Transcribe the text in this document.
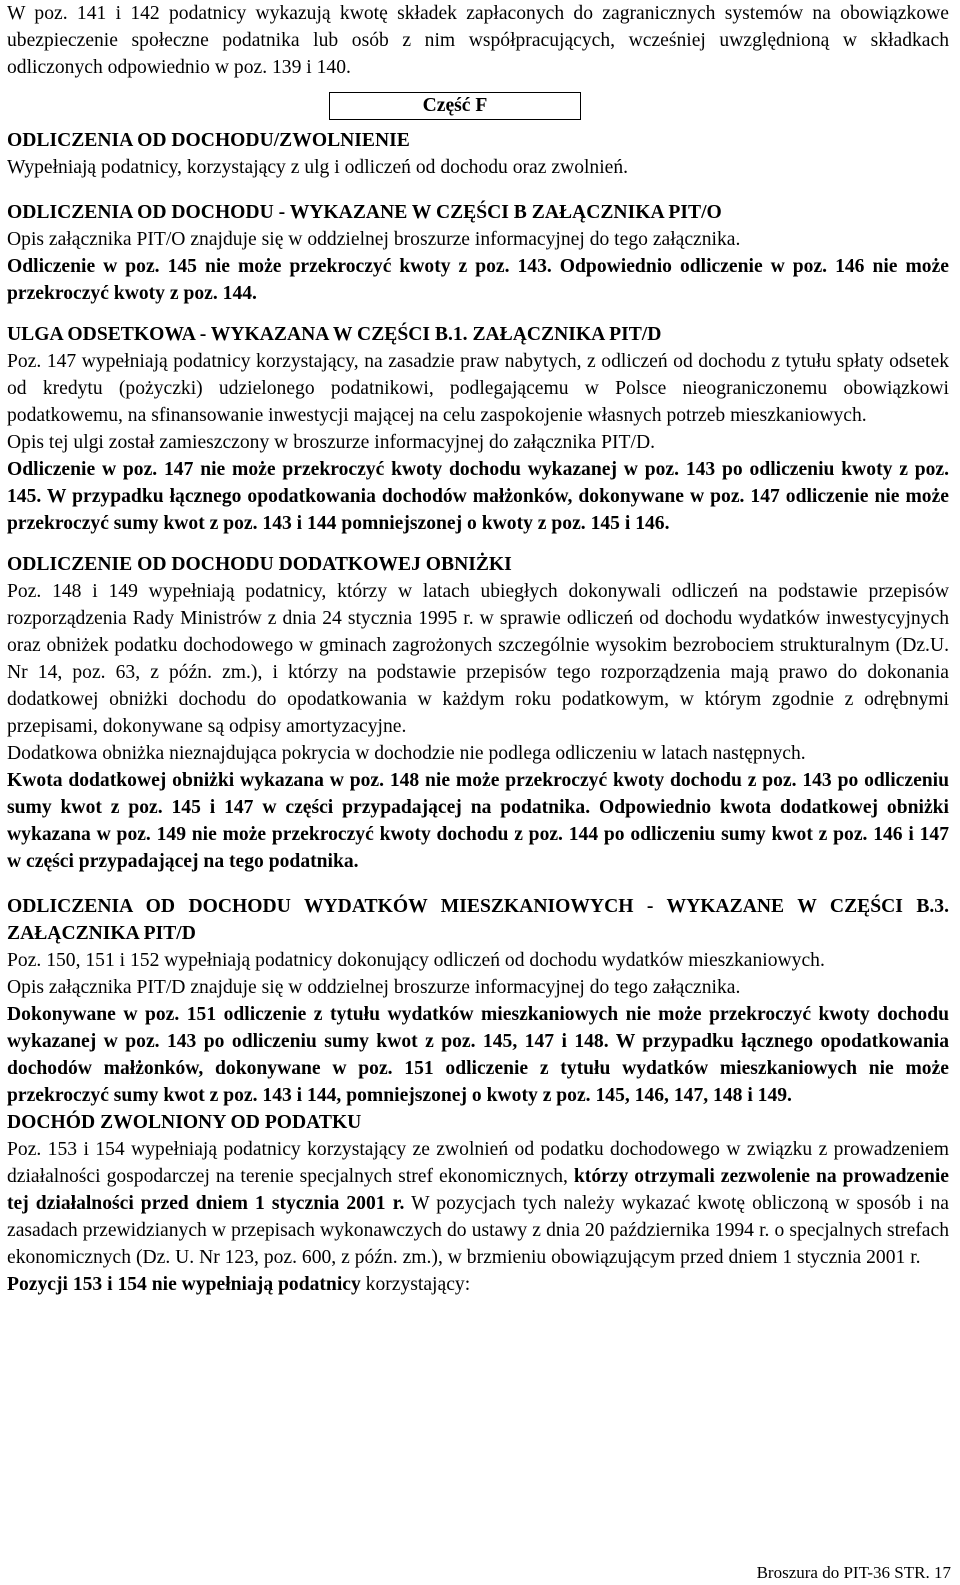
W poz. 141 i 142 podatnicy wykazują kwotę składek zapłaconych do zagranicznych systemów na obowiązkowe ubezpieczenie społeczne podatnika lub osób z nim współpracujących, wcześniej uwzględnioną w składkach odliczonych odpowiednio w poz. 139 i 140.

Część F

ODLICZENIA OD DOCHODU/ZWOLNIENIE

Wypełniają podatnicy, korzystający z ulg i odliczeń od dochodu oraz zwolnień.

ODLICZENIA OD DOCHODU - WYKAZANE W CZĘŚCI B ZAŁĄCZNIKA PIT/O

Opis załącznika PIT/O znajduje się w oddzielnej broszurze informacyjnej do tego załącznika.

Odliczenie w poz. 145 nie może przekroczyć kwoty z poz. 143. Odpowiednio odliczenie w poz. 146 nie może przekroczyć kwoty z poz. 144.

ULGA ODSETKOWA - WYKAZANA W CZĘŚCI B.1. ZAŁĄCZNIKA PIT/D

Poz. 147 wypełniają podatnicy korzystający, na zasadzie praw nabytych, z odliczeń od dochodu z tytułu spłaty odsetek od kredytu (pożyczki) udzielonego podatnikowi, podlegającemu w Polsce nieograniczonemu obowiązkowi podatkowemu, na sfinansowanie inwestycji mającej na celu zaspokojenie własnych potrzeb mieszkaniowych.

Opis tej ulgi został zamieszczony w broszurze informacyjnej do załącznika PIT/D.

Odliczenie w poz. 147 nie może przekroczyć kwoty dochodu wykazanej w poz. 143 po odliczeniu kwoty z poz. 145. W przypadku łącznego opodatkowania dochodów małżonków, dokonywane w poz. 147 odliczenie nie może przekroczyć sumy kwot z poz. 143 i 144 pomniejszonej o kwoty z poz. 145 i 146.

ODLICZENIE OD DOCHODU DODATKOWEJ OBNIŻKI

Poz. 148 i 149 wypełniają podatnicy, którzy w latach ubiegłych dokonywali odliczeń na podstawie przepisów rozporządzenia Rady Ministrów z dnia 24 stycznia 1995 r. w sprawie odliczeń od dochodu wydatków inwestycyjnych oraz obniżek podatku dochodowego w gminach zagrożonych szczególnie wysokim bezrobociem strukturalnym (Dz.U. Nr 14, poz. 63, z późn. zm.), i którzy na podstawie przepisów tego rozporządzenia mają prawo do dokonania dodatkowej obniżki dochodu do opodatkowania w każdym roku podatkowym, w którym zgodnie z odrębnymi przepisami, dokonywane są odpisy amortyzacyjne.

Dodatkowa obniżka nieznajdująca pokrycia w dochodzie nie podlega odliczeniu w latach następnych.

Kwota dodatkowej obniżki wykazana w poz. 148 nie może przekroczyć kwoty dochodu z poz. 143 po odliczeniu sumy kwot z poz. 145 i 147 w części przypadającej na podatnika. Odpowiednio kwota dodatkowej obniżki wykazana w poz. 149 nie może przekroczyć kwoty dochodu z poz. 144 po odliczeniu sumy kwot z poz. 146 i 147 w części przypadającej na tego podatnika.

ODLICZENIA OD DOCHODU WYDATKÓW MIESZKANIOWYCH - WYKAZANE W CZĘŚCI B.3. ZAŁĄCZNIKA PIT/D

Poz. 150, 151 i 152 wypełniają podatnicy dokonujący odliczeń od dochodu wydatków mieszkaniowych.

Opis załącznika PIT/D znajduje się w oddzielnej broszurze informacyjnej do tego załącznika.

Dokonywane w poz. 151 odliczenie z tytułu wydatków mieszkaniowych nie może przekroczyć kwoty dochodu wykazanej w poz. 143 po odliczeniu sumy kwot z poz. 145, 147 i 148. W przypadku łącznego opodatkowania dochodów małżonków, dokonywane w poz. 151 odliczenie z tytułu wydatków mieszkaniowych nie może przekroczyć sumy kwot z poz. 143 i 144, pomniejszonej o kwoty z poz. 145, 146, 147, 148 i 149.

DOCHÓD ZWOLNIONY OD PODATKU

Poz. 153 i 154 wypełniają podatnicy korzystający ze zwolnień od podatku dochodowego w związku z prowadzeniem działalności gospodarczej na terenie specjalnych stref ekonomicznych, którzy otrzymali zezwolenie na prowadzenie tej działalności przed dniem 1 stycznia 2001 r. W pozycjach tych należy wykazać kwotę obliczoną w sposób i na zasadach przewidzianych w przepisach wykonawczych do ustawy z dnia 20 października 1994 r. o specjalnych strefach ekonomicznych (Dz. U. Nr 123, poz. 600, z późn. zm.), w brzmieniu obowiązującym przed dniem 1 stycznia 2001 r.

Pozycji 153 i 154 nie wypełniają podatnicy korzystający:

Broszura do PIT-36 STR. 17
